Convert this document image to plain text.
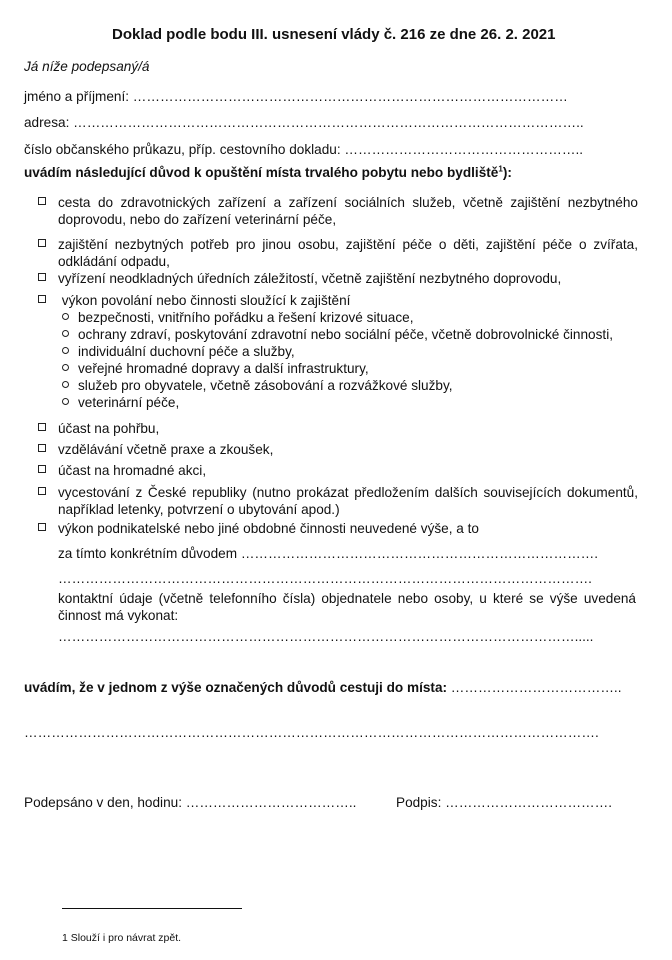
Doklad podle bodu III. usnesení vlády č. 216 ze dne 26. 2. 2021
Já níže podepsaný/á
jméno a příjmení: ……………………………………………………………………………………
adresa: …………………………………………………………………………………………………..
číslo občanského průkazu, příp. cestovního dokladu: ……………………………………………..
uvádím následující důvod k opuštění místa trvalého pobytu nebo bydliště$^1$):
cesta do zdravotnických zařízení a zařízení sociálních služeb, včetně zajištění nezbytného doprovodu, nebo do zařízení veterinární péče,
zajištění nezbytných potřeb pro jinou osobu, zajištění péče o děti, zajištění péče o zvířata, odkládání odpadu,
vyřízení neodkladných úředních záležitostí, včetně zajištění nezbytného doprovodu,
výkon povolání nebo činnosti sloužící k zajištění
bezpečnosti, vnitřního pořádku a řešení krizové situace,
ochrany zdraví, poskytování zdravotní nebo sociální péče, včetně dobrovolnické činnosti,
individuální duchovní péče a služby,
veřejné hromadné dopravy a další infrastruktury,
služeb pro obyvatele, včetně zásobování a rozvážkové služby,
veterinární péče,
účast na pohřbu,
vzdělávání včetně praxe a zkoušek,
účast na hromadné akci,
vycestování z České republiky (nutno prokázat předložením dalších souvisejících dokumentů, například letenky, potvrzení o ubytování apod.)
výkon podnikatelské nebo jiné obdobné činnosti neuvedené výše, a to
za tímto konkrétním důvodem …………………………………………………………………….
……………………………………………………………………………………………………….
kontaktní údaje (včetně telefonního čísla) objednatele nebo osoby, u které se výše uvedená činnost má vykonat:
…………………………………………………………………………………………………….....
uvádím, že v jednom z výše označených důvodů cestuji do místa: ………………………………..
……………………………………………………………………………………………………………….
Podepsáno v den, hodinu: ………………………………..	Podpis: ……………………………….
1 Slouží i pro návrat zpět.
